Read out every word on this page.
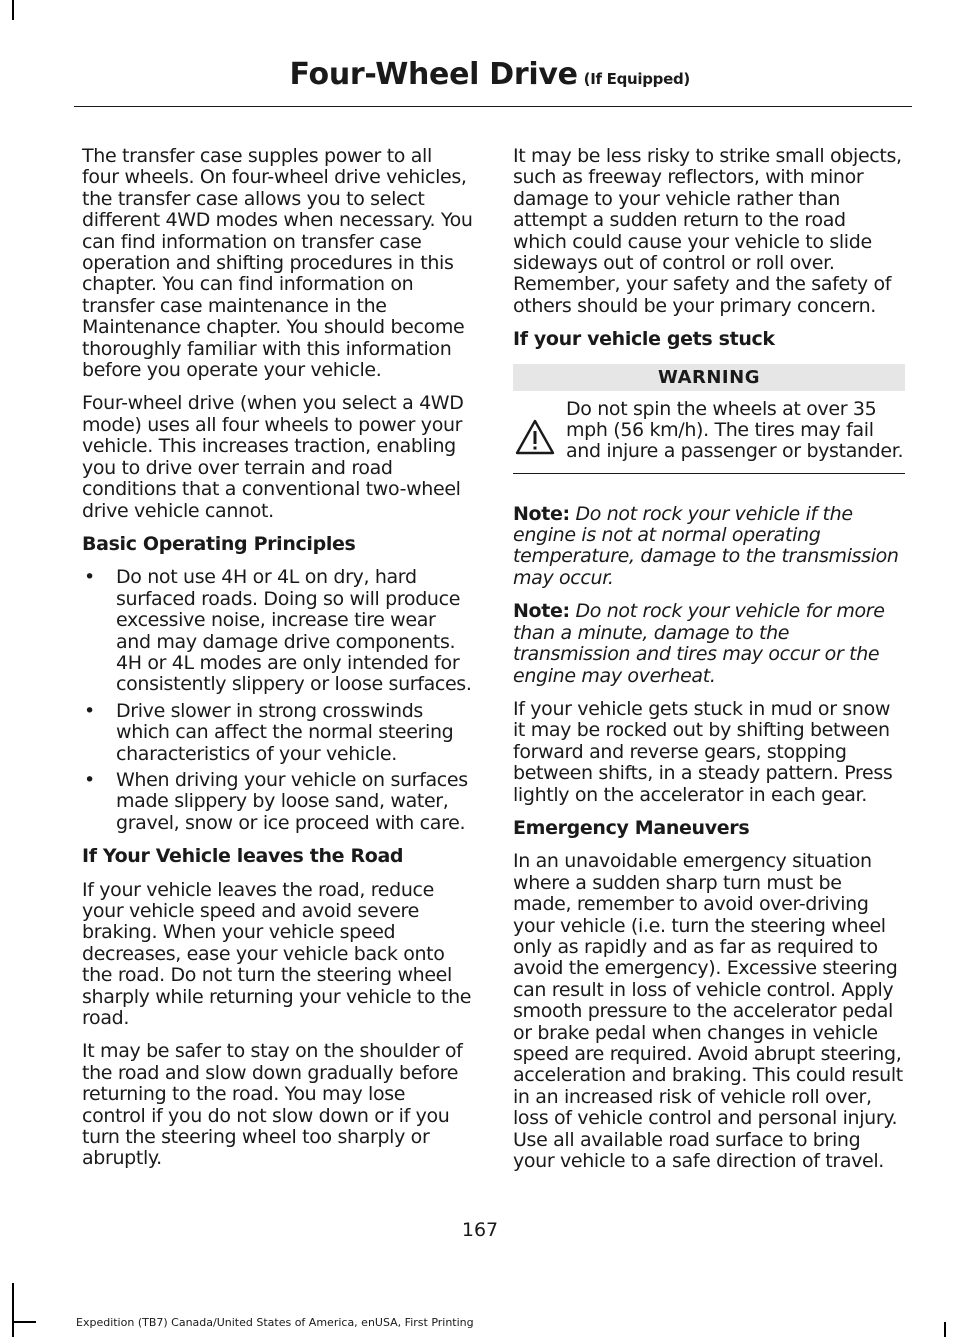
Four-Wheel Drive (If Equipped)

The transfer case supples power to all four wheels. On four-wheel drive vehicles, the transfer case allows you to select different 4WD modes when necessary. You can find information on transfer case operation and shifting procedures in this chapter. You can find information on transfer case maintenance in the Maintenance chapter. You should become thoroughly familiar with this information before you operate your vehicle.

Four-wheel drive (when you select a 4WD mode) uses all four wheels to power your vehicle. This increases traction, enabling you to drive over terrain and road conditions that a conventional two-wheel drive vehicle cannot.

Basic Operating Principles
• Do not use 4H or 4L on dry, hard surfaced roads. Doing so will produce excessive noise, increase tire wear and may damage drive components. 4H or 4L modes are only intended for consistently slippery or loose surfaces.
• Drive slower in strong crosswinds which can affect the normal steering characteristics of your vehicle.
• When driving your vehicle on surfaces made slippery by loose sand, water, gravel, snow or ice proceed with care.
If Your Vehicle leaves the Road

If your vehicle leaves the road, reduce your vehicle speed and avoid severe braking. When your vehicle speed decreases, ease your vehicle back onto the road. Do not turn the steering wheel sharply while returning your vehicle to the road.

It may be safer to stay on the shoulder of the road and slow down gradually before returning to the road. You may lose control if you do not slow down or if you turn the steering wheel too sharply or abruptly.

It may be less risky to strike small objects, such as freeway reflectors, with minor damage to your vehicle rather than attempt a sudden return to the road which could cause your vehicle to slide sideways out of control or roll over. Remember, your safety and the safety of others should be your primary concern.

If your vehicle gets stuck
WARNING
Do not spin the wheels at over 35 mph (56 km/h). The tires may fail and injure a passenger or bystander.

Note: Do not rock your vehicle if the engine is not at normal operating temperature, damage to the transmission may occur.

Note: Do not rock your vehicle for more than a minute, damage to the transmission and tires may occur or the engine may overheat.

If your vehicle gets stuck in mud or snow it may be rocked out by shifting between forward and reverse gears, stopping between shifts, in a steady pattern. Press lightly on the accelerator in each gear.

Emergency Maneuvers

In an unavoidable emergency situation where a sudden sharp turn must be made, remember to avoid over-driving your vehicle (i.e. turn the steering wheel only as rapidly and as far as required to avoid the emergency). Excessive steering can result in loss of vehicle control. Apply smooth pressure to the accelerator pedal or brake pedal when changes in vehicle speed are required. Avoid abrupt steering, acceleration and braking. This could result in an increased risk of vehicle roll over, loss of vehicle control and personal injury. Use all available road surface to bring your vehicle to a safe direction of travel.

167
Expedition (TB7) Canada/United States of America, enUSA, First Printing
